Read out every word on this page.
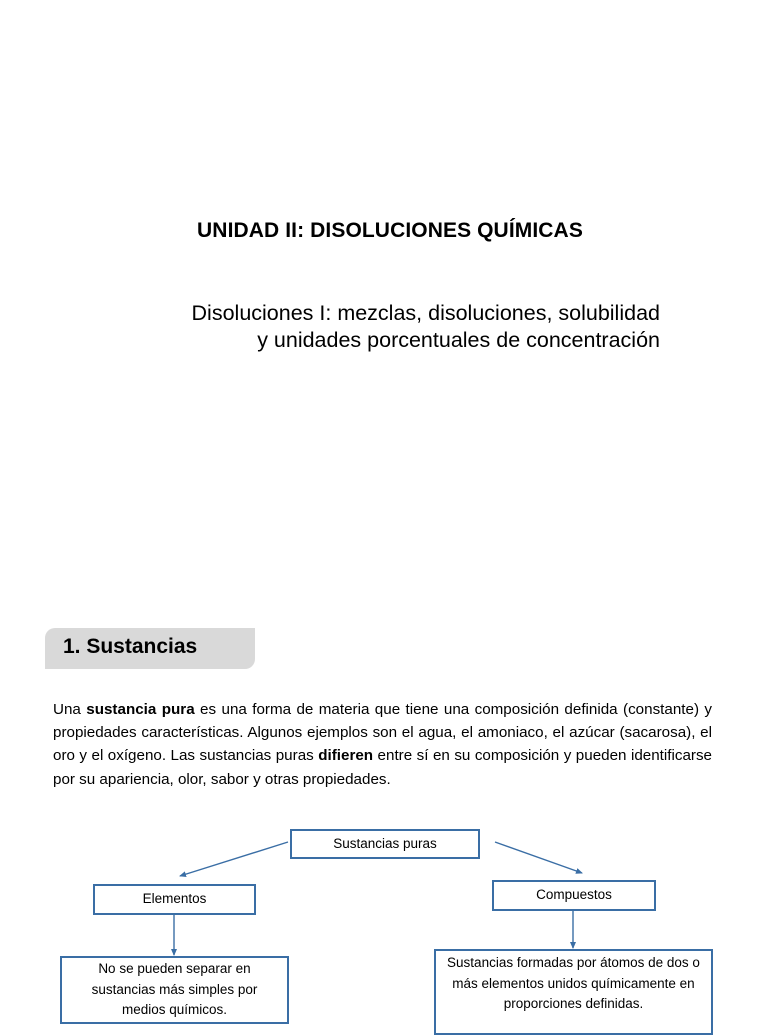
UNIDAD II: DISOLUCIONES QUÍMICAS
Disoluciones I: mezclas, disoluciones, solubilidad
y unidades porcentuales de concentración
1. Sustancias
Una sustancia pura es una forma de materia que tiene una composición definida (constante) y propiedades características. Algunos ejemplos son el agua, el amoniaco, el azúcar (sacarosa), el oro y el oxígeno. Las sustancias puras difieren entre sí en su composición y pueden identificarse por su apariencia, olor, sabor y otras propiedades.
Sustancias puras
Elementos	Compuestos
No se pueden separar en sustancias más simples por medios químicos.
Sustancias formadas por átomos de dos o más elementos unidos químicamente en proporciones definidas.
